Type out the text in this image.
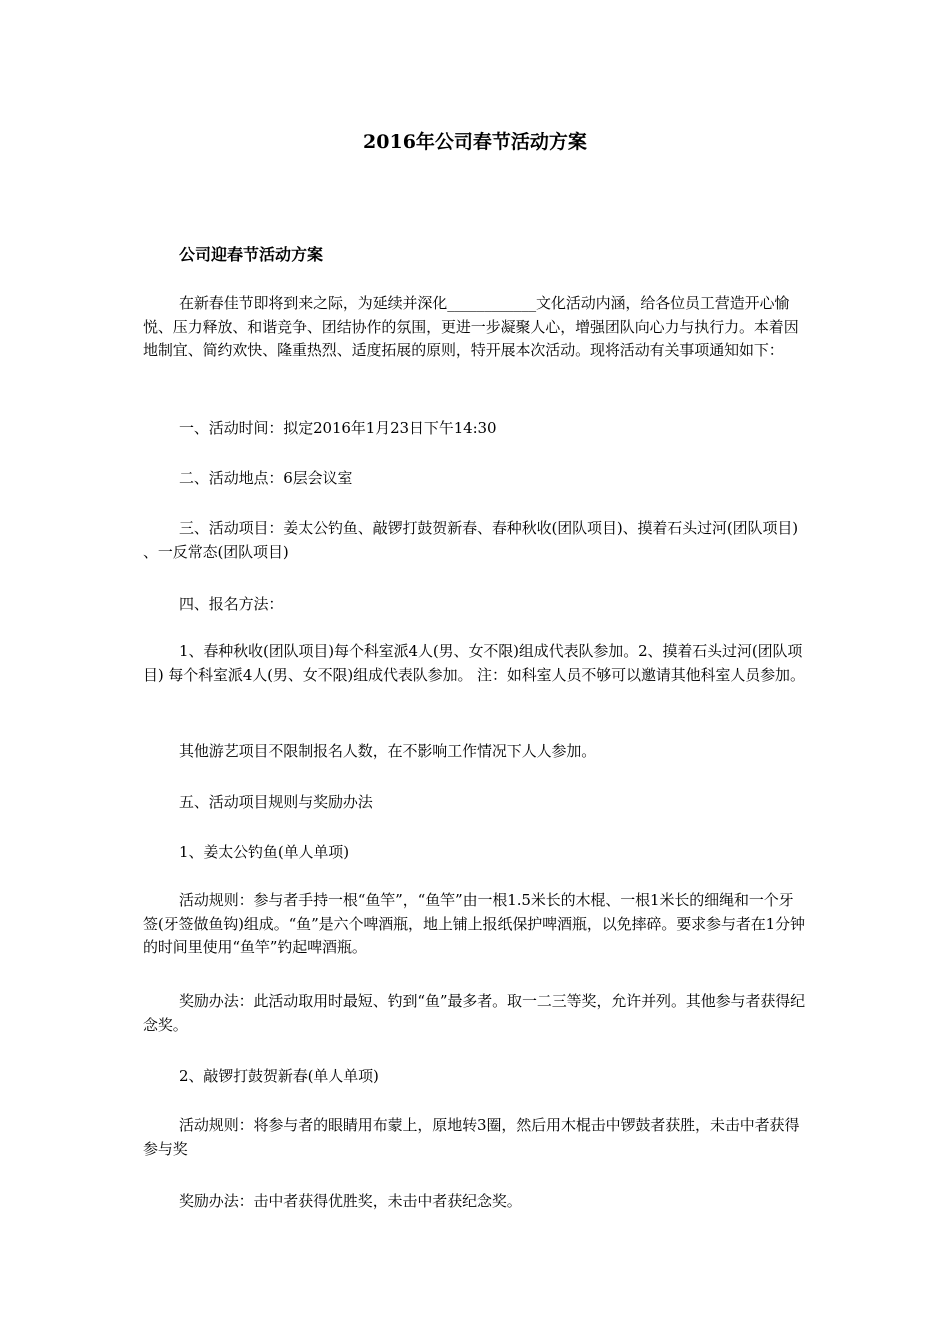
2016年公司春节活动方案
公司迎春节活动方案
在新春佳节即将到来之际，为延续并深化____________文化活动内涵，给各位员工营造开心愉悦、压力释放、和谐竞争、团结协作的氛围，更进一步凝聚人心，增强团队向心力与执行力。本着因地制宜、简约欢快、隆重热烈、适度拓展的原则，特开展本次活动。现将活动有关事项通知如下：
一、活动时间：拟定2016年1月23日下午14:30
二、活动地点：6层会议室
三、活动项目：姜太公钓鱼、敲锣打鼓贺新春、春种秋收(团队项目)、摸着石头过河(团队项目) 、一反常态(团队项目)
四、报名方法：
1、春种秋收(团队项目)每个科室派4人(男、女不限)组成代表队参加。2、摸着石头过河(团队项目) 每个科室派4人(男、女不限)组成代表队参加。 注：如科室人员不够可以邀请其他科室人员参加。
其他游艺项目不限制报名人数，在不影响工作情况下人人参加。
五、活动项目规则与奖励办法
1、姜太公钓鱼(单人单项)
活动规则：参与者手持一根“鱼竿”，“鱼竿”由一根1.5米长的木棍、一根1米长的细绳和一个牙签(牙签做鱼钩)组成。“鱼”是六个啤酒瓶，地上铺上报纸保护啤酒瓶，以免摔碎。要求参与者在1分钟的时间里使用“鱼竿”钓起啤酒瓶。
奖励办法：此活动取用时最短、钓到“鱼”最多者。取一二三等奖，允许并列。其他参与者获得纪念奖。
2、敲锣打鼓贺新春(单人单项)
活动规则：将参与者的眼睛用布蒙上，原地转3圈，然后用木棍击中锣鼓者获胜，未击中者获得参与奖
奖励办法：击中者获得优胜奖，未击中者获纪念奖。
